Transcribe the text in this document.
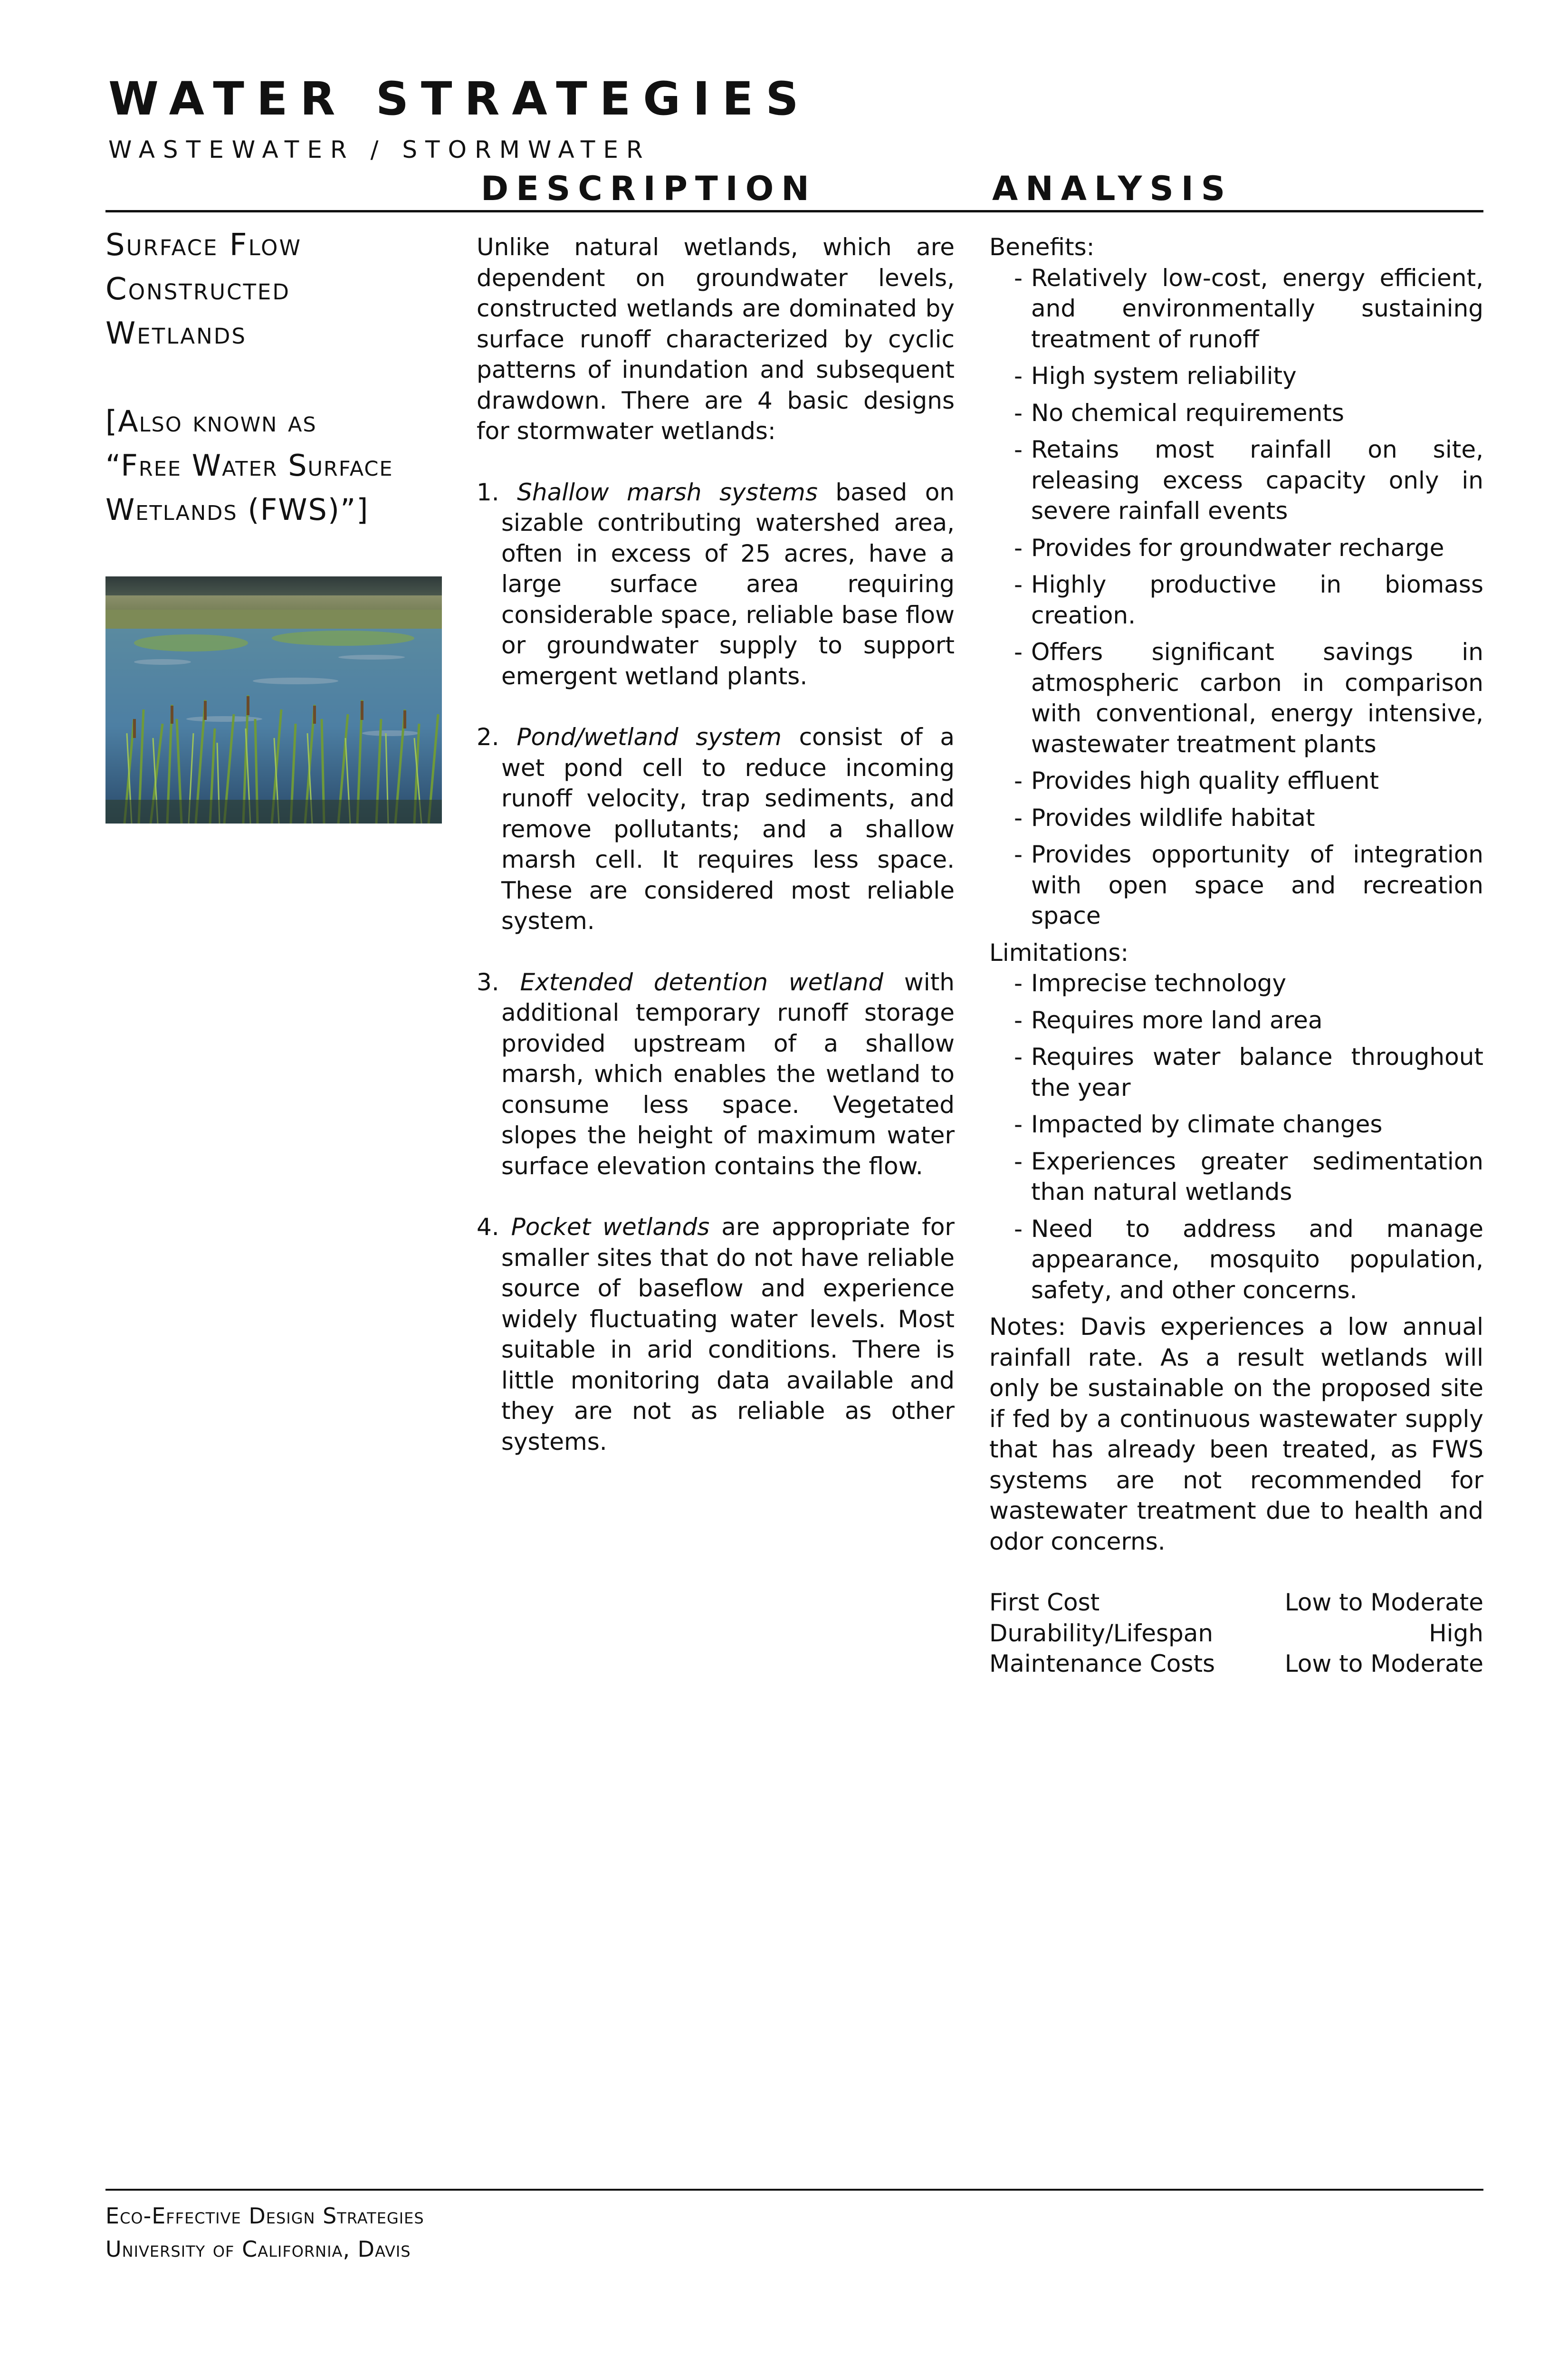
WATER STRATEGIES
WASTEWATER / STORMWATER
DESCRIPTION	ANALYSIS
Surface Flow
Constructed
Wetlands
[Also known as
“Free Water Surface
Wetlands (FWS)”]

Unlike natural wetlands, which are dependent on groundwater levels, constructed wetlands are dominated by surface runoff characterized by cyclic patterns of inundation and subsequent drawdown. There are 4 basic designs for stormwater wetlands:

1. Shallow marsh systems based on sizable contributing watershed area, often in excess of 25 acres, have a large surface area requiring considerable space, reliable base flow or groundwater supply to support emergent wetland plants.

2. Pond/wetland system consist of a wet pond cell to reduce incoming runoff velocity, trap sediments, and remove pollutants; and a shallow marsh cell. It requires less space. These are considered most reliable system.

3. Extended detention wetland with additional temporary runoff storage provided upstream of a shallow marsh, which enables the wetland to consume less space. Vegetated slopes the height of maximum water surface elevation contains the flow.

4. Pocket wetlands are appropriate for smaller sites that do not have reliable source of baseflow and experience widely fluctuating water levels. Most suitable in arid conditions. There is little monitoring data available and they are not as reliable as other systems.

Benefits:

- Relatively low-cost, energy efficient, and environmentally sustaining treatment of runoff
- High system reliability
- No chemical requirements
- Retains most rainfall on site, releasing excess capacity only in severe rainfall events
- Provides for groundwater recharge
- Highly productive in biomass creation.
- Offers significant savings in atmospheric carbon in comparison with conventional, energy intensive, wastewater treatment plants
- Provides high quality effluent
- Provides wildlife habitat
- Provides opportunity of integration with open space and recreation space

Limitations:

- Imprecise technology
- Requires more land area
- Requires water balance throughout the year
- Impacted by climate changes
- Experiences greater sedimentation than natural wetlands
- Need to address and manage appearance, mosquito population, safety, and other concerns.

Notes: Davis experiences a low annual rainfall rate. As a result wetlands will only be sustainable on the proposed site if fed by a continuous wastewater supply that has already been treated, as FWS systems are not recommended for wastewater treatment due to health and odor concerns.

First Cost	Low to Moderate
Durability/Lifespan	High
Maintenance Costs	Low to Moderate
Eco-Effective Design Strategies
University of California, Davis
